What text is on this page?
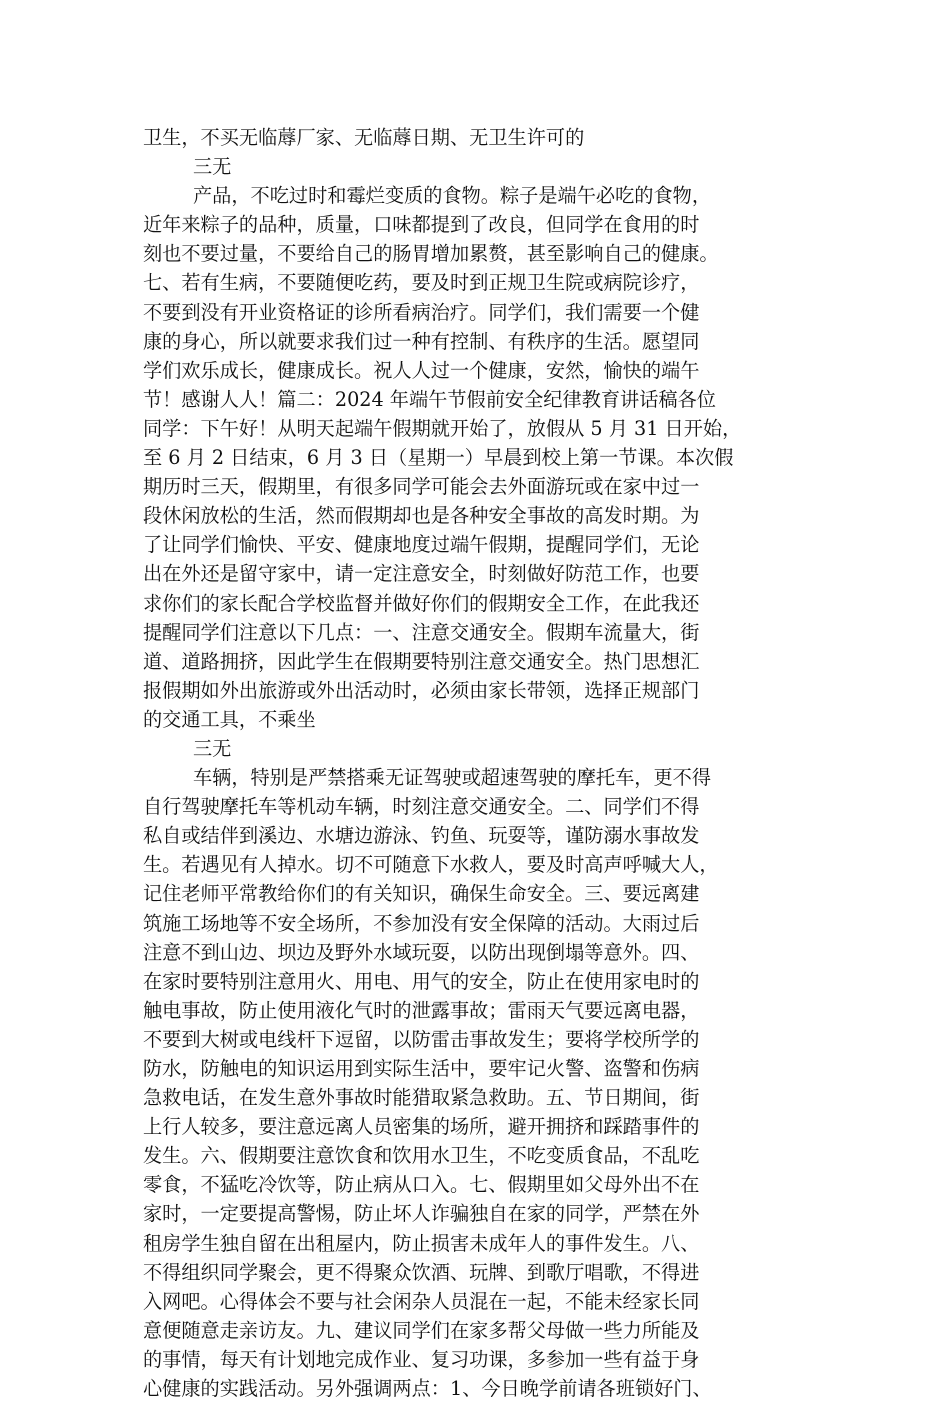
卫生，不买无临蓐厂家、无临蓐日期、无卫生许可的
三无
产品，不吃过时和霉烂变质的食物。粽子是端午必吃的食物，
近年来粽子的品种，质量，口味都提到了改良，但同学在食用的时
刻也不要过量，不要给自己的肠胃增加累赘，甚至影响自己的健康。
七、若有生病，不要随便吃药，要及时到正规卫生院或病院诊疗，
不要到没有开业资格证的诊所看病治疗。同学们，我们需要一个健
康的身心，所以就要求我们过一种有控制、有秩序的生活。愿望同
学们欢乐成长，健康成长。祝人人过一个健康，安然，愉快的端午
节！感谢人人！篇二：2024 年端午节假前安全纪律教育讲话稿各位
同学：下午好！从明天起端午假期就开始了，放假从 5 月 31 日开始，
至 6 月 2 日结束，6 月 3 日（星期一）早晨到校上第一节课。本次假
期历时三天，假期里，有很多同学可能会去外面游玩或在家中过一
段休闲放松的生活，然而假期却也是各种安全事故的高发时期。为
了让同学们愉快、平安、健康地度过端午假期，提醒同学们，无论
出在外还是留守家中，请一定注意安全，时刻做好防范工作，也要
求你们的家长配合学校监督并做好你们的假期安全工作，在此我还
提醒同学们注意以下几点：一、注意交通安全。假期车流量大，街
道、道路拥挤，因此学生在假期要特别注意交通安全。热门思想汇
报假期如外出旅游或外出活动时，必须由家长带领，选择正规部门
的交通工具，不乘坐
三无
车辆，特别是严禁搭乘无证驾驶或超速驾驶的摩托车，更不得
自行驾驶摩托车等机动车辆，时刻注意交通安全。二、同学们不得
私自或结伴到溪边、水塘边游泳、钓鱼、玩耍等，谨防溺水事故发
生。若遇见有人掉水。切不可随意下水救人，要及时高声呼喊大人，
记住老师平常教给你们的有关知识，确保生命安全。三、要远离建
筑施工场地等不安全场所，不参加没有安全保障的活动。大雨过后
注意不到山边、坝边及野外水域玩耍，以防出现倒塌等意外。四、
在家时要特别注意用火、用电、用气的安全，防止在使用家电时的
触电事故，防止使用液化气时的泄露事故；雷雨天气要远离电器，
不要到大树或电线杆下逗留，以防雷击事故发生；要将学校所学的
防水，防触电的知识运用到实际生活中，要牢记火警、盗警和伤病
急救电话，在发生意外事故时能猎取紧急救助。五、节日期间，街
上行人较多，要注意远离人员密集的场所，避开拥挤和踩踏事件的
发生。六、假期要注意饮食和饮用水卫生，不吃变质食品，不乱吃
零食，不猛吃冷饮等，防止病从口入。七、假期里如父母外出不在
家时，一定要提高警惕，防止坏人诈骗独自在家的同学，严禁在外
租房学生独自留在出租屋内，防止损害未成年人的事件发生。八、
不得组织同学聚会，更不得聚众饮酒、玩牌、到歌厅唱歌，不得进
入网吧。心得体会不要与社会闲杂人员混在一起，不能未经家长同
意便随意走亲访友。九、建议同学们在家多帮父母做一些力所能及
的事情，每天有计划地完成作业、复习功课，多参加一些有益于身
心健康的实践活动。另外强调两点：1、今日晚学前请各班锁好门、
